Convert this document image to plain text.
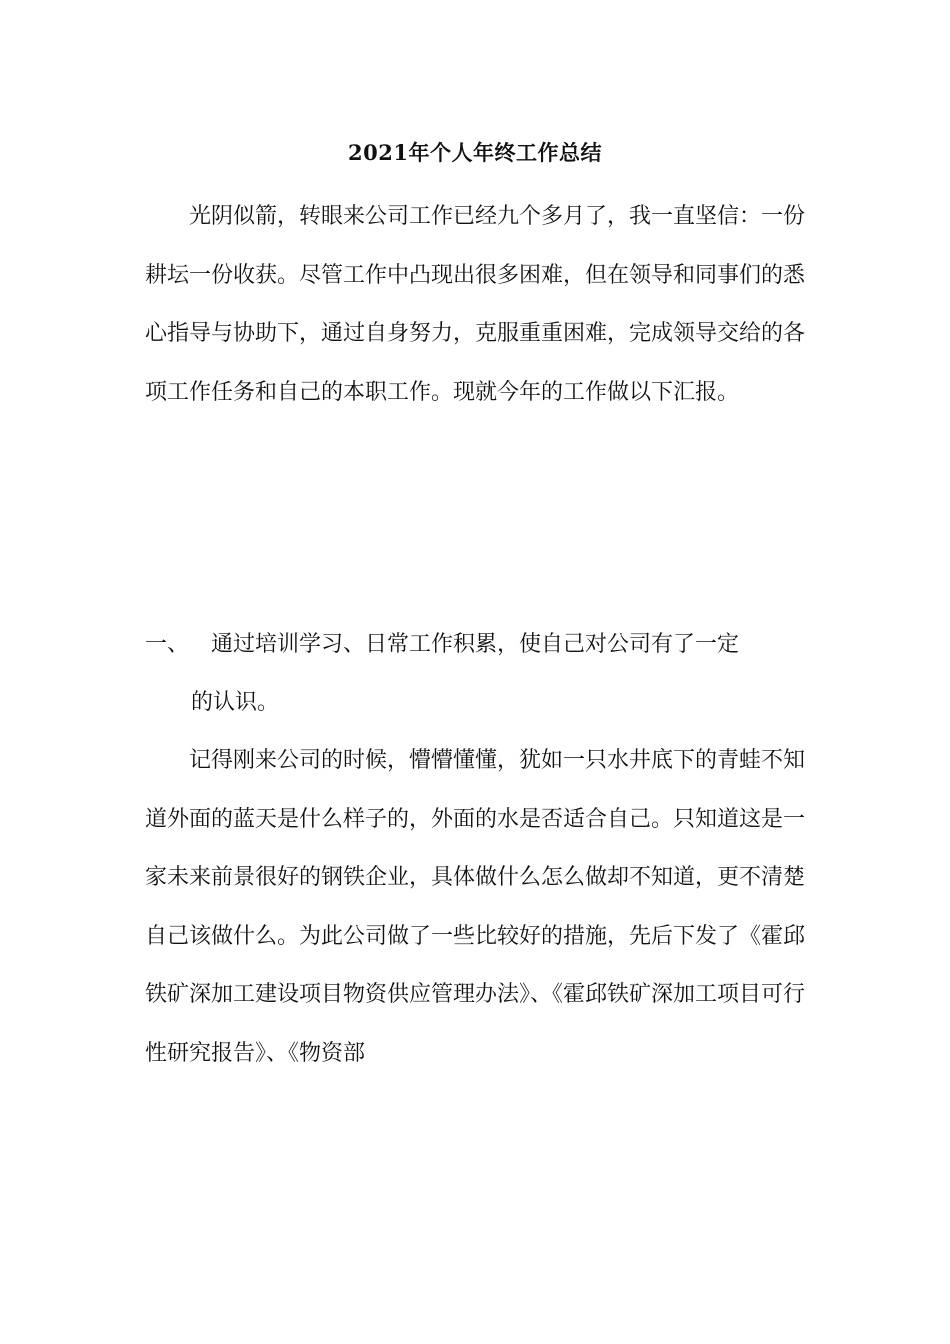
2021年个人年终工作总结

光阴似箭，转眼来公司工作已经九个多月了，我一直坚信：一份耕坛一份收获。尽管工作中凸现出很多困难，但在领导和同事们的悉心指导与协助下，通过自身努力，克服重重困难，完成领导交给的各项工作任务和自己的本职工作。现就今年的工作做以下汇报。

一、 通过培训学习、日常工作积累，使自己对公司有了一定
的认识。

记得刚来公司的时候，懵懵懂懂，犹如一只水井底下的青蛙不知道外面的蓝天是什么样子的，外面的水是否适合自己。只知道这是一家未来前景很好的钢铁企业，具体做什么怎么做却不知道，更不清楚自己该做什么。为此公司做了一些比较好的措施，先后下发了《霍邱铁矿深加工建设项目物资供应管理办法》、《霍邱铁矿深加工项目可行性研究报告》、《物资部
